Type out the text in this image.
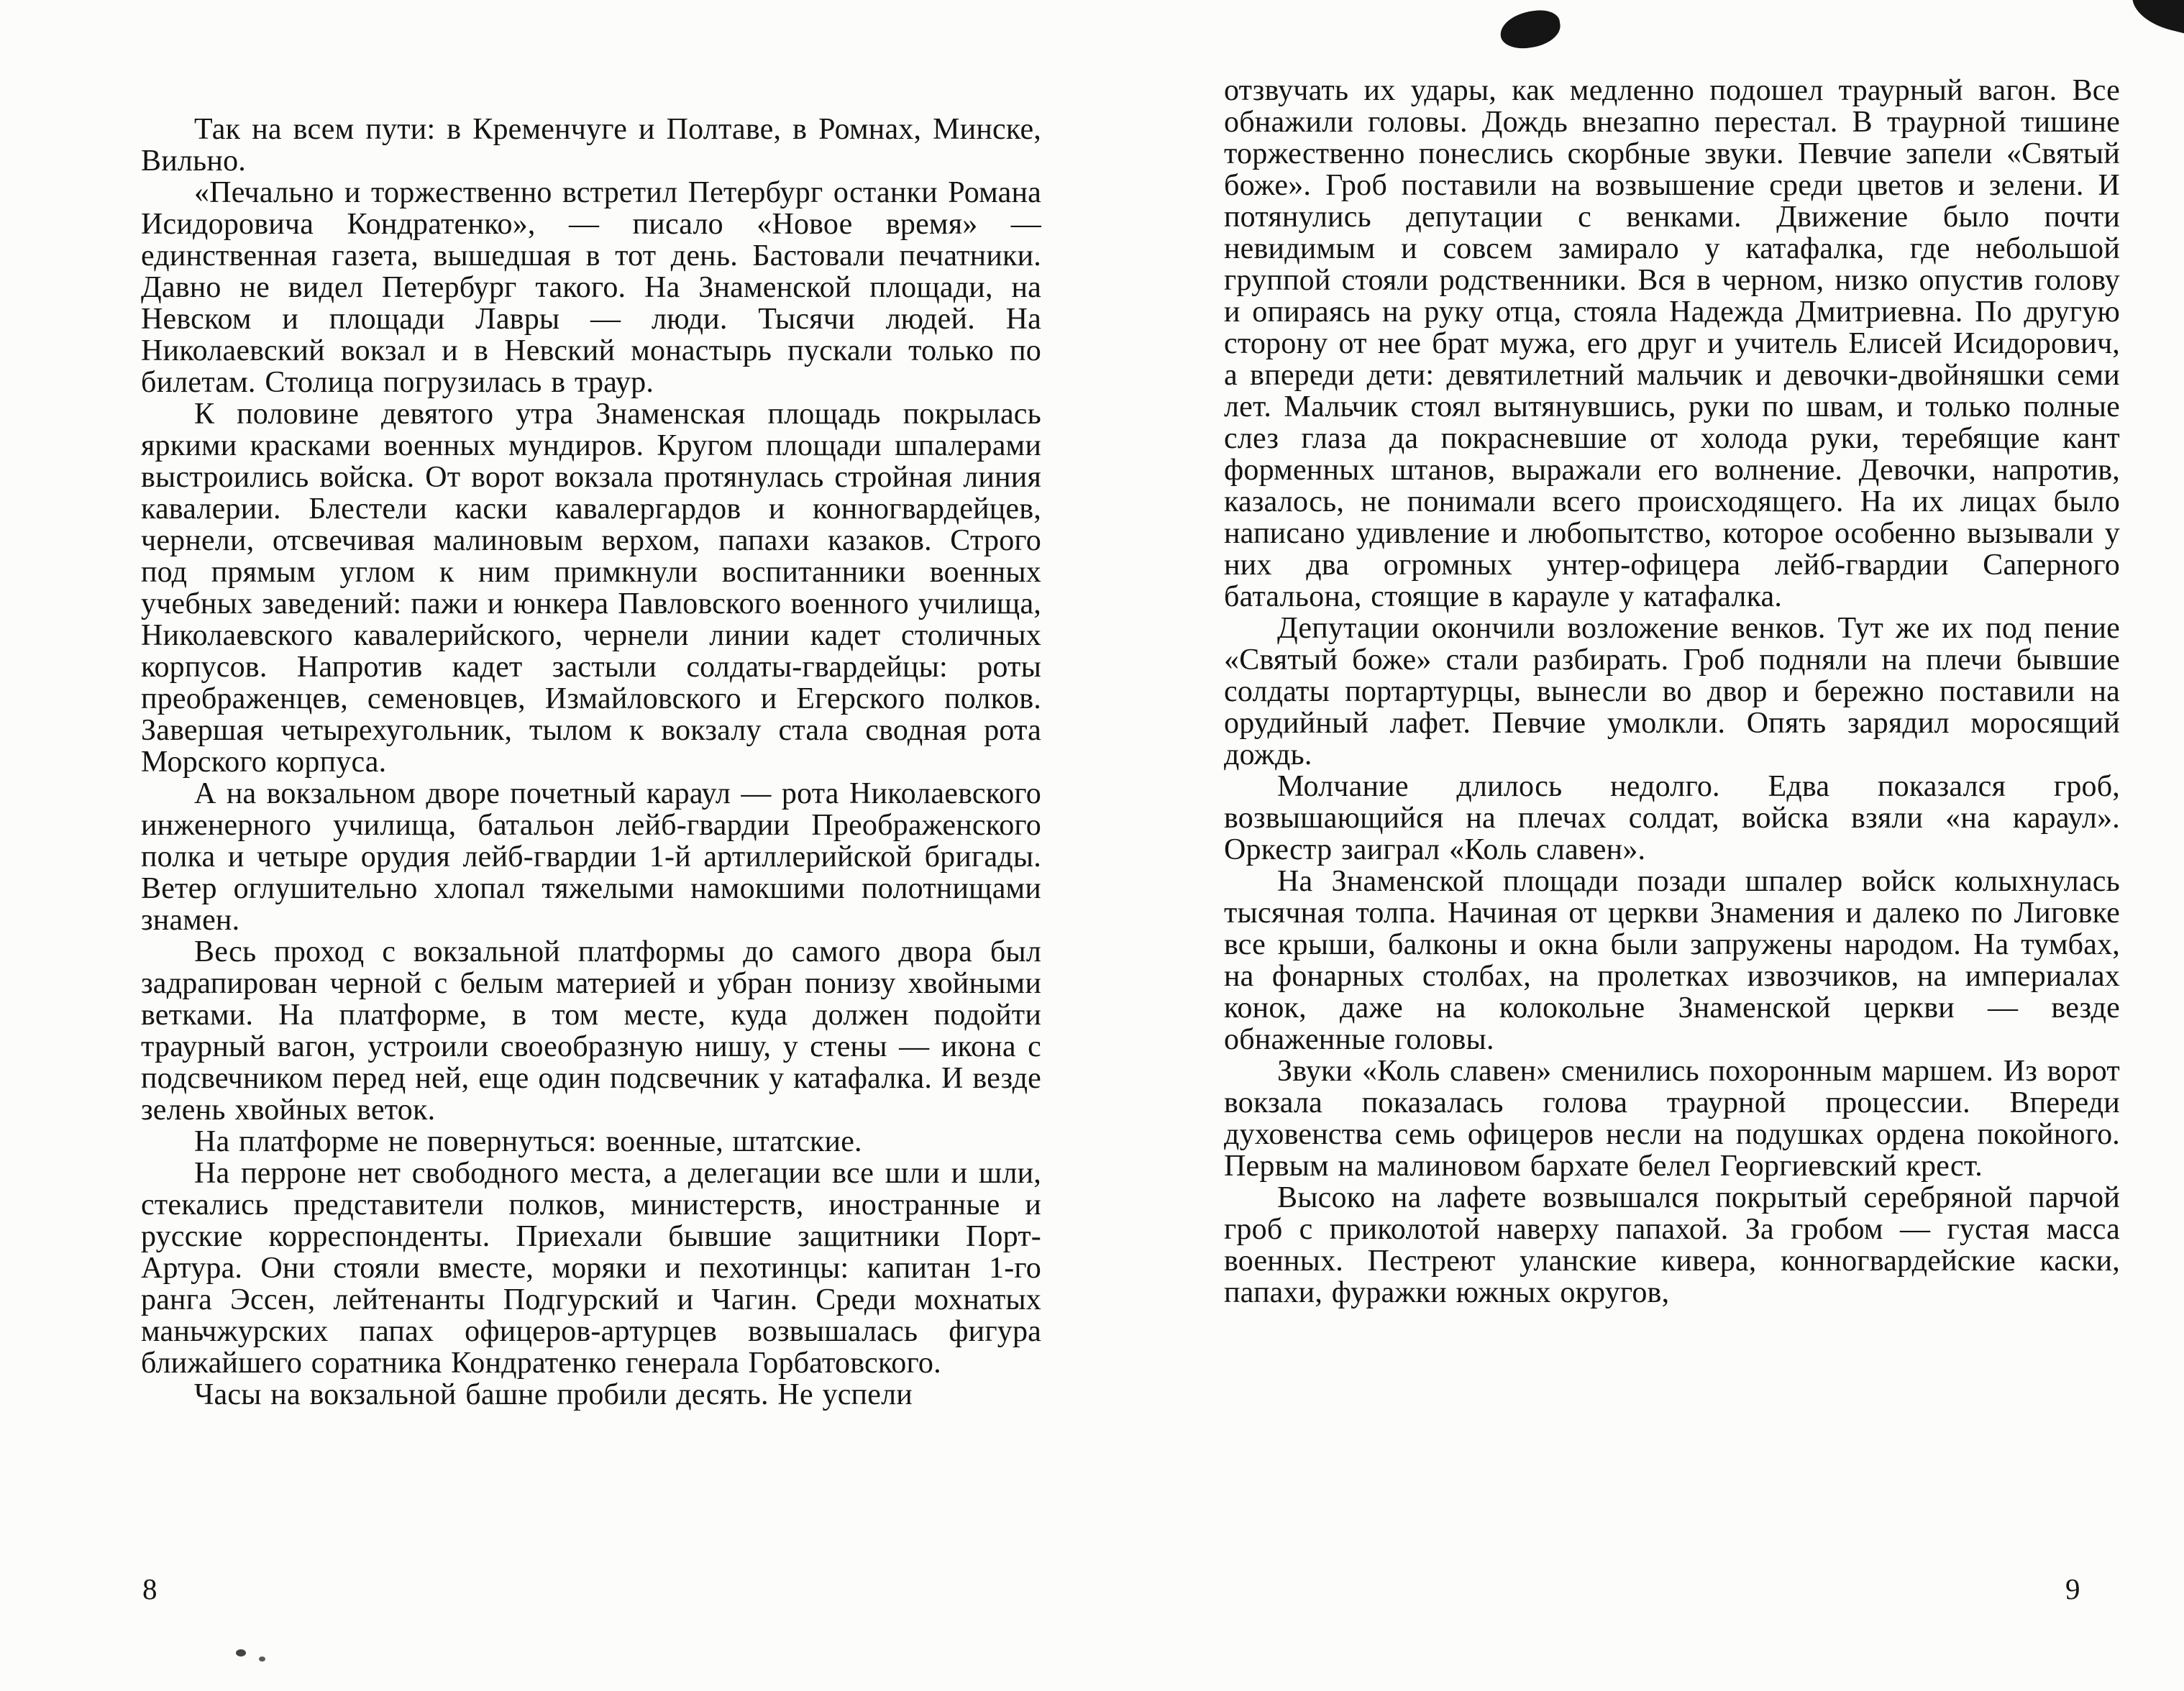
Так на всем пути: в Кременчуге и Полтаве, в Ромнах, Минске, Вильно.

«Печально и торжественно встретил Петербург останки Романа Исидоровича Кондратенко», — писало «Новое время» — единственная газета, вышедшая в тот день. Бастовали печатники. Давно не видел Петербург такого. На Знаменской площади, на Невском и площади Лавры — люди. Тысячи людей. На Николаевский вокзал и в Невский монастырь пускали только по билетам. Столица погрузилась в траур.

К половине девятого утра Знаменская площадь покрылась яркими красками военных мундиров. Кругом площади шпалерами выстроились войска. От ворот вокзала протянулась стройная линия кавалерии. Блестели каски кавалергардов и конногвардейцев, чернели, отсвечивая малиновым верхом, папахи казаков. Строго под прямым углом к ним примкнули воспитанники военных учебных заведений: пажи и юнкера Павловского военного училища, Николаевского кавалерийского, чернели линии кадет столичных корпусов. Напротив кадет застыли солдаты-гвардейцы: роты преображенцев, семеновцев, Измайловского и Егерского полков. Завершая четырехугольник, тылом к вокзалу стала сводная рота Морского корпуса.

А на вокзальном дворе почетный караул — рота Николаевского инженерного училища, батальон лейб-гвардии Преображенского полка и четыре орудия лейб-гвардии 1-й артиллерийской бригады. Ветер оглушительно хлопал тяжелыми намокшими полотнищами знамен.

Весь проход с вокзальной платформы до самого двора был задрапирован черной с белым материей и убран понизу хвойными ветками. На платформе, в том месте, куда должен подойти траурный вагон, устроили своеобразную нишу, у стены — икона с подсвечником перед ней, еще один подсвечник у катафалка. И везде зелень хвойных веток.

На платформе не повернуться: военные, штатские.

На перроне нет свободного места, а делегации все шли и шли, стекались представители полков, министерств, иностранные и русские корреспонденты. Приехали бывшие защитники Порт-Артура. Они стояли вместе, моряки и пехотинцы: капитан 1-го ранга Эссен, лейтенанты Подгурский и Чагин. Среди мохнатых маньчжурских папах офицеров-артурцев возвышалась фигура ближайшего соратника Кондратенко генерала Горбатовского.

Часы на вокзальной башне пробили десять. Не успели

отзвучать их удары, как медленно подошел траурный вагон. Все обнажили головы. Дождь внезапно перестал. В траурной тишине торжественно понеслись скорбные звуки. Певчие запели «Святый боже». Гроб поставили на возвышение среди цветов и зелени. И потянулись депутации с венками. Движение было почти невидимым и совсем замирало у катафалка, где небольшой группой стояли родственники. Вся в черном, низко опустив голову и опираясь на руку отца, стояла Надежда Дмитриевна. По другую сторону от нее брат мужа, его друг и учитель Елисей Исидорович, а впереди дети: девятилетний мальчик и девочки-двойняшки семи лет. Мальчик стоял вытянувшись, руки по швам, и только полные слез глаза да покрасневшие от холода руки, теребящие кант форменных штанов, выражали его волнение. Девочки, напротив, казалось, не понимали всего происходящего. На их лицах было написано удивление и любопытство, которое особенно вызывали у них два огромных унтер-офицера лейб-гвардии Саперного батальона, стоящие в карауле у катафалка.

Депутации окончили возложение венков. Тут же их под пение «Святый боже» стали разбирать. Гроб подняли на плечи бывшие солдаты портартурцы, вынесли во двор и бережно поставили на орудийный лафет. Певчие умолкли. Опять зарядил моросящий дождь.

Молчание длилось недолго. Едва показался гроб, возвышающийся на плечах солдат, войска взяли «на караул». Оркестр заиграл «Коль славен».

На Знаменской площади позади шпалер войск колыхнулась тысячная толпа. Начиная от церкви Знамения и далеко по Лиговке все крыши, балконы и окна были запружены народом. На тумбах, на фонарных столбах, на пролетках извозчиков, на империалах конок, даже на колокольне Знаменской церкви — везде обнаженные головы.

Звуки «Коль славен» сменились похоронным маршем. Из ворот вокзала показалась голова траурной процессии. Впереди духовенства семь офицеров несли на подушках ордена покойного. Первым на малиновом бархате белел Георгиевский крест.

Высоко на лафете возвышался покрытый серебряной парчой гроб с приколотой наверху папахой. За гробом — густая масса военных. Пестреют уланские кивера, конногвардейские каски, папахи, фуражки южных округов,

8	9
